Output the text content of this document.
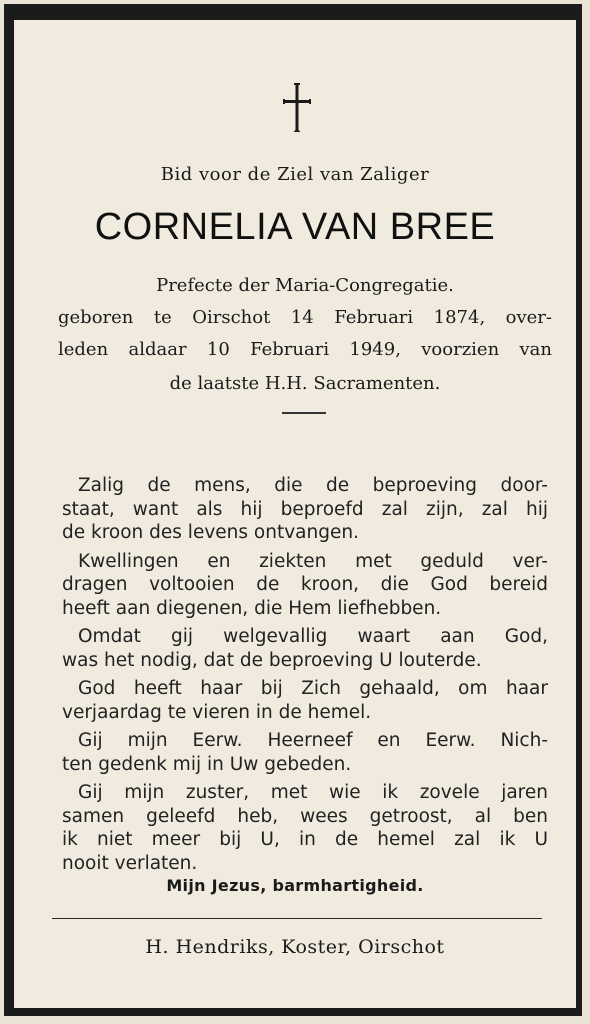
Bid voor de Ziel van Zaliger
CORNELIA VAN BREE
Prefecte der Maria-Congregatie.
geboren te Oirschot 14 Februari 1874, over-
leden aldaar 10 Februari 1949, voorzien van
de laatste H.H. Sacramenten.
Zalig de mens, die de beproeving door-
staat, want als hij beproefd zal zijn, zal hij
de kroon des levens ontvangen.
Kwellingen en ziekten met geduld ver-
dragen voltooien de kroon, die God bereid
heeft aan diegenen, die Hem liefhebben.
Omdat gij welgevallig waart aan God,
was het nodig, dat de beproeving U louterde.
God heeft haar bij Zich gehaald, om haar
verjaardag te vieren in de hemel.
Gij mijn Eerw. Heerneef en Eerw. Nich-
ten gedenk mij in Uw gebeden.
Gij mijn zuster, met wie ik zovele jaren
samen geleefd heb, wees getroost, al ben
ik niet meer bij U, in de hemel zal ik U
nooit verlaten.
Mijn Jezus, barmhartigheid.
H. Hendriks, Koster, Oirschot
